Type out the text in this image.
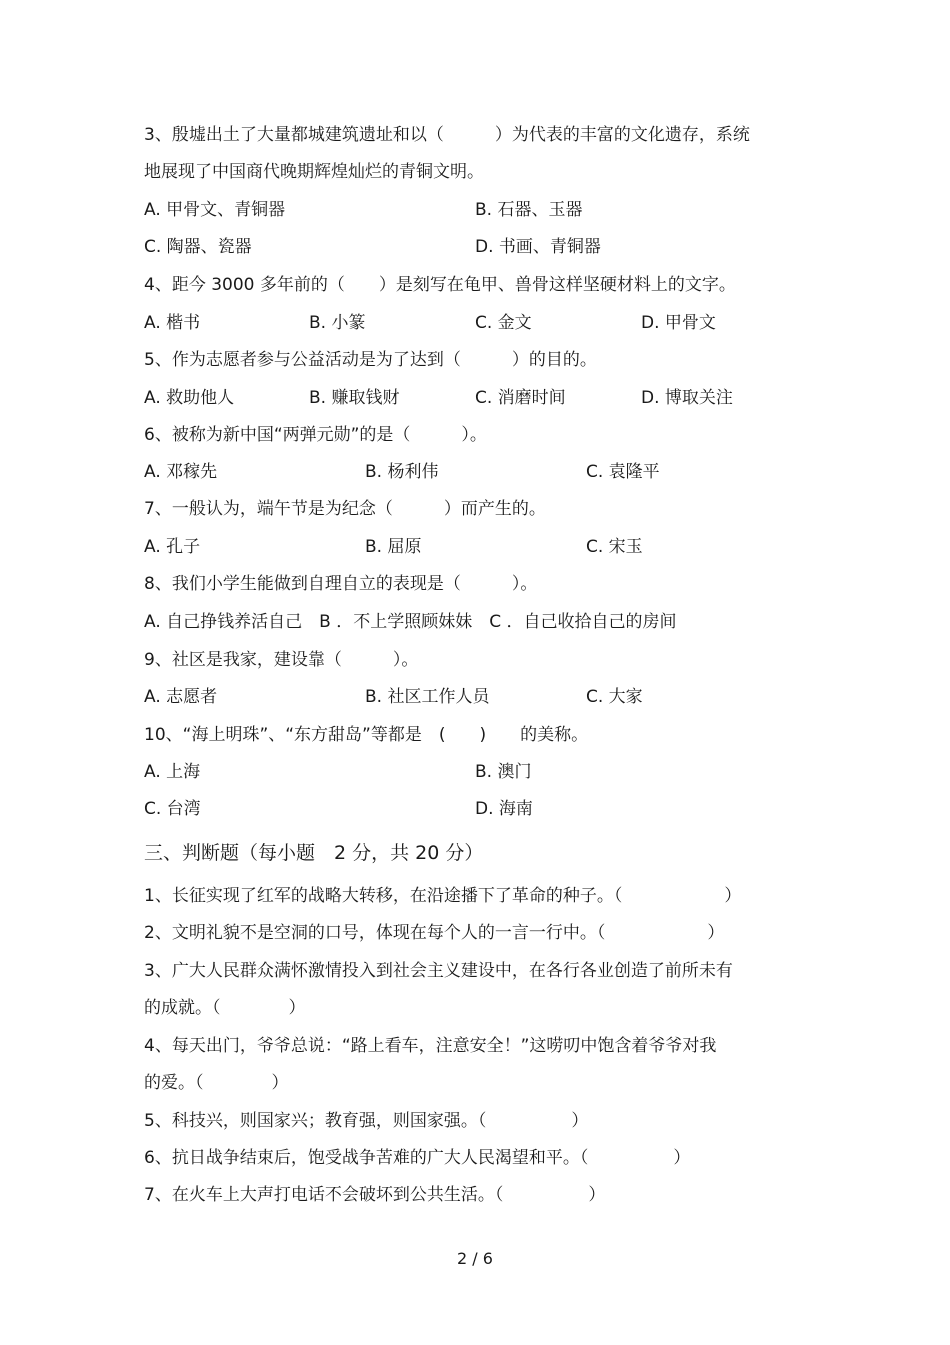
3、殷墟出土了大量都城建筑遗址和以（　　　）为代表的丰富的文化遗存，系统
地展现了中国商代晚期辉煌灿烂的青铜文明。
A. 甲骨文、青铜器	B. 石器、玉器
C. 陶器、瓷器	D. 书画、青铜器
4、距今 3000 多年前的（　　）是刻写在龟甲、兽骨这样坚硬材料上的文字。
A. 楷书	B. 小篆	C. 金文	D. 甲骨文
5、作为志愿者参与公益活动是为了达到（　　　）的目的。
A. 救助他人	B. 赚取钱财	C. 消磨时间	D. 博取关注
6、被称为新中国“两弹元勋”的是（　　　）。
A. 邓稼先	B. 杨利伟	C. 袁隆平
7、一般认为，端午节是为纪念（　　　）而产生的。
A. 孔子	B. 屈原	C. 宋玉
8、我们小学生能做到自理自立的表现是（　　　）。
A. 自己挣钱养活自己　B ．不上学照顾妹妹　C ．自己收拾自己的房间
9、社区是我家，建设靠（　　　）。
A. 志愿者	B. 社区工作人员	C. 大家
10、“海上明珠”、“东方甜岛”等都是　(　　)　　的美称。
A. 上海	B. 澳门
C. 台湾	D. 海南
三、判断题（每小题　2 分，共 20 分）
1、长征实现了红军的战略大转移，在沿途播下了革命的种子。（　　　　　　）
2、文明礼貌不是空洞的口号，体现在每个人的一言一行中。（　　　　　　）
3、广大人民群众满怀激情投入到社会主义建设中，在各行各业创造了前所未有
的成就。（　　　　）
4、每天出门，爷爷总说：“路上看车，注意安全！”这唠叨中饱含着爷爷对我
的爱。（　　　　）
5、科技兴，则国家兴；教育强，则国家强。（　　　　　）
6、抗日战争结束后，饱受战争苦难的广大人民渴望和平。（　　　　　）
7、在火车上大声打电话不会破坏到公共生活。（　　　　　）
2 / 6
